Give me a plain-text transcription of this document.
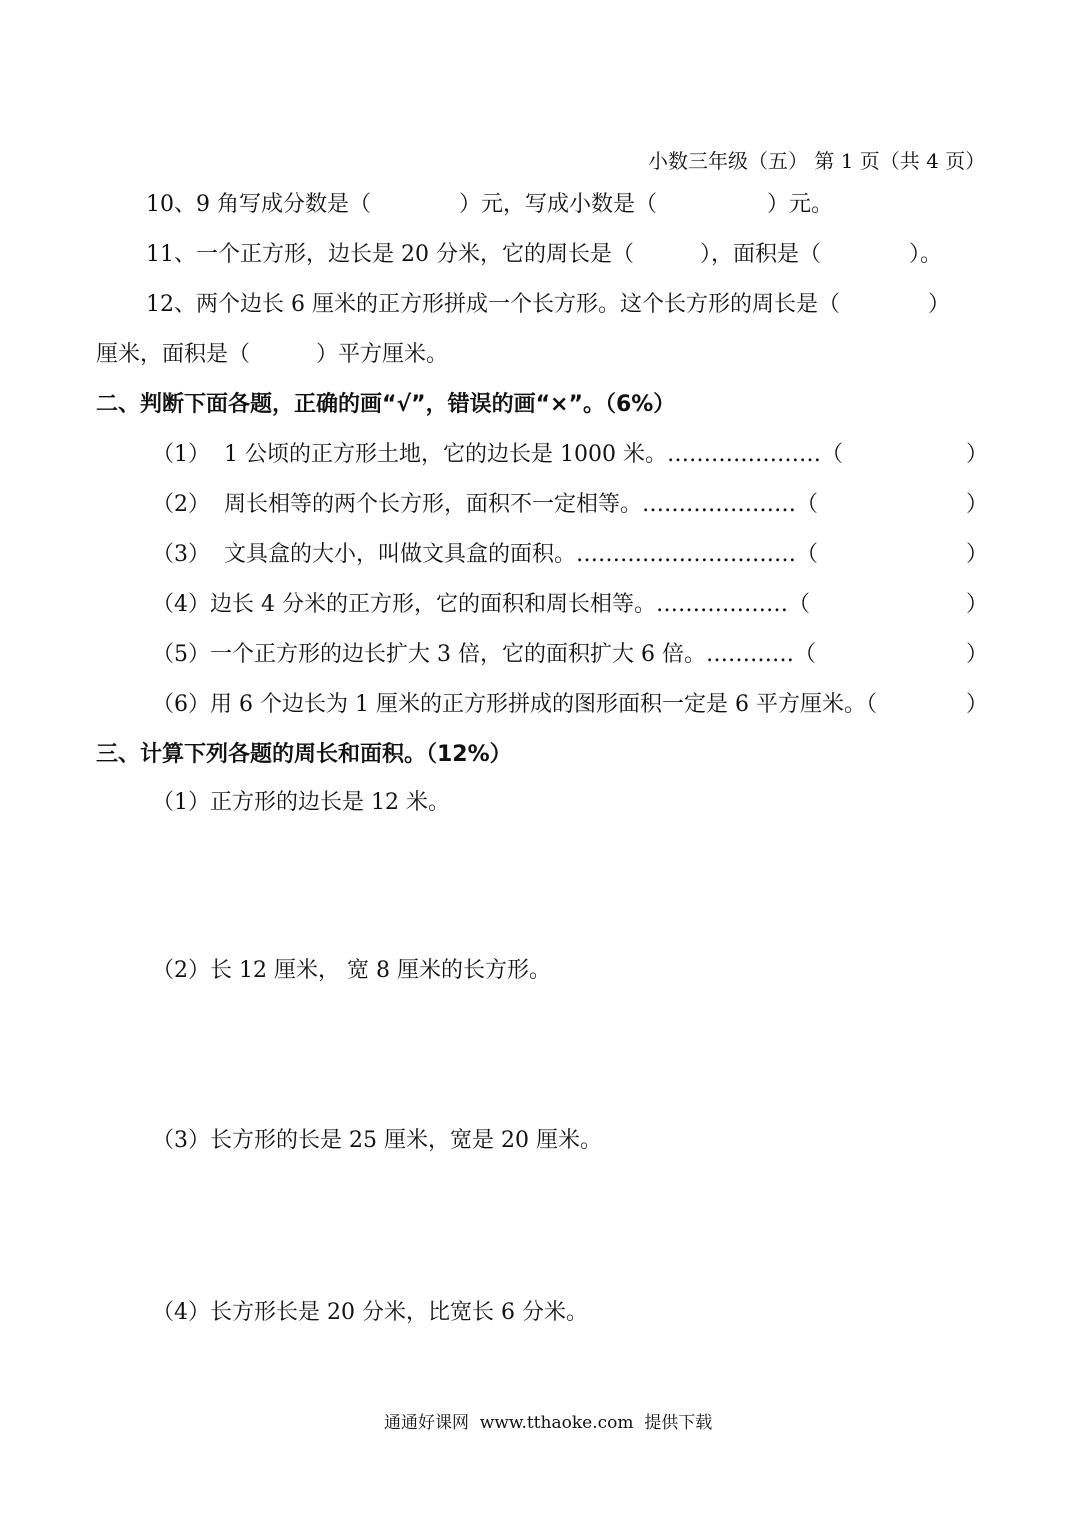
小数三年级（五） 第 1 页（共 4 页）
10、9 角写成分数是（　　　　）元，写成小数是（　　　　　）元。
11、一个正方形，边长是 20 分米，它的周长是（　　　），面积是（　　　　）。
12、两个边长 6 厘米的正方形拼成一个长方形。这个长方形的周长是（　　　　）
厘米，面积是（　　　）平方厘米。
二、判断下面各题，正确的画“√”，错误的画“×”。（6%）
（1）  1 公顷的正方形土地，它的边长是 1000 米。…………………（	）
（2）  周长相等的两个长方形，面积不一定相等。…………………（	）
（3）  文具盒的大小，叫做文具盒的面积。…………………………（	）
（4）边长 4 分米的正方形，它的面积和周长相等。………………（	）
（5）一个正方形的边长扩大 3 倍，它的面积扩大 6 倍。…………（	）
（6）用 6 个边长为 1 厘米的正方形拼成的图形面积一定是 6 平方厘米。（	）
三、计算下列各题的周长和面积。（12%）
（1）正方形的边长是 12 米。
（2）长 12 厘米， 宽 8 厘米的长方形。
（3）长方形的长是 25 厘米，宽是 20 厘米。
（4）长方形长是 20 分米，比宽长 6 分米。
通通好课网  www.tthaoke.com  提供下载
